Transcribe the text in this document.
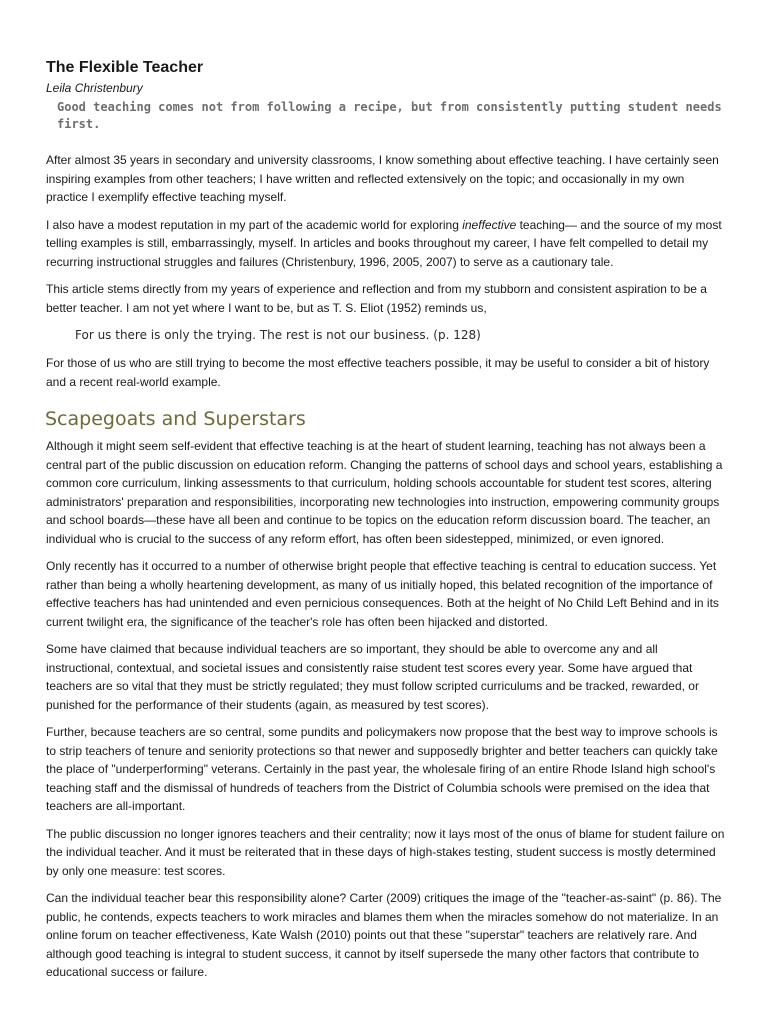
The Flexible Teacher
Leila Christenbury
Good teaching comes not from following a recipe, but from consistently putting student needs first.

After almost 35 years in secondary and university classrooms, I know something about effective teaching. I have certainly seen inspiring examples from other teachers; I have written and reflected extensively on the topic; and occasionally in my own practice I exemplify effective teaching myself.

I also have a modest reputation in my part of the academic world for exploring ineffective teaching— and the source of my most telling examples is still, embarrassingly, myself. In articles and books throughout my career, I have felt compelled to detail my recurring instructional struggles and failures (Christenbury, 1996, 2005, 2007) to serve as a cautionary tale.

This article stems directly from my years of experience and reflection and from my stubborn and consistent aspiration to be a better teacher. I am not yet where I want to be, but as T. S. Eliot (1952) reminds us,

For us there is only the trying. The rest is not our business. (p. 128)

For those of us who are still trying to become the most effective teachers possible, it may be useful to consider a bit of history and a recent real-world example.

Scapegoats and Superstars

Although it might seem self-evident that effective teaching is at the heart of student learning, teaching has not always been a central part of the public discussion on education reform. Changing the patterns of school days and school years, establishing a common core curriculum, linking assessments to that curriculum, holding schools accountable for student test scores, altering administrators' preparation and responsibilities, incorporating new technologies into instruction, empowering community groups and school boards—these have all been and continue to be topics on the education reform discussion board. The teacher, an individual who is crucial to the success of any reform effort, has often been sidestepped, minimized, or even ignored.

Only recently has it occurred to a number of otherwise bright people that effective teaching is central to education success. Yet rather than being a wholly heartening development, as many of us initially hoped, this belated recognition of the importance of effective teachers has had unintended and even pernicious consequences. Both at the height of No Child Left Behind and in its current twilight era, the significance of the teacher's role has often been hijacked and distorted.

Some have claimed that because individual teachers are so important, they should be able to overcome any and all instructional, contextual, and societal issues and consistently raise student test scores every year. Some have argued that teachers are so vital that they must be strictly regulated; they must follow scripted curriculums and be tracked, rewarded, or punished for the performance of their students (again, as measured by test scores).

Further, because teachers are so central, some pundits and policymakers now propose that the best way to improve schools is to strip teachers of tenure and seniority protections so that newer and supposedly brighter and better teachers can quickly take the place of "underperforming" veterans. Certainly in the past year, the wholesale firing of an entire Rhode Island high school's teaching staff and the dismissal of hundreds of teachers from the District of Columbia schools were premised on the idea that teachers are all-important.

The public discussion no longer ignores teachers and their centrality; now it lays most of the onus of blame for student failure on the individual teacher. And it must be reiterated that in these days of high-stakes testing, student success is mostly determined by only one measure: test scores.

Can the individual teacher bear this responsibility alone? Carter (2009) critiques the image of the "teacher-as-saint" (p. 86). The public, he contends, expects teachers to work miracles and blames them when the miracles somehow do not materialize. In an online forum on teacher effectiveness, Kate Walsh (2010) points out that these "superstar" teachers are relatively rare. And although good teaching is integral to student success, it cannot by itself supersede the many other factors that contribute to educational success or failure.
